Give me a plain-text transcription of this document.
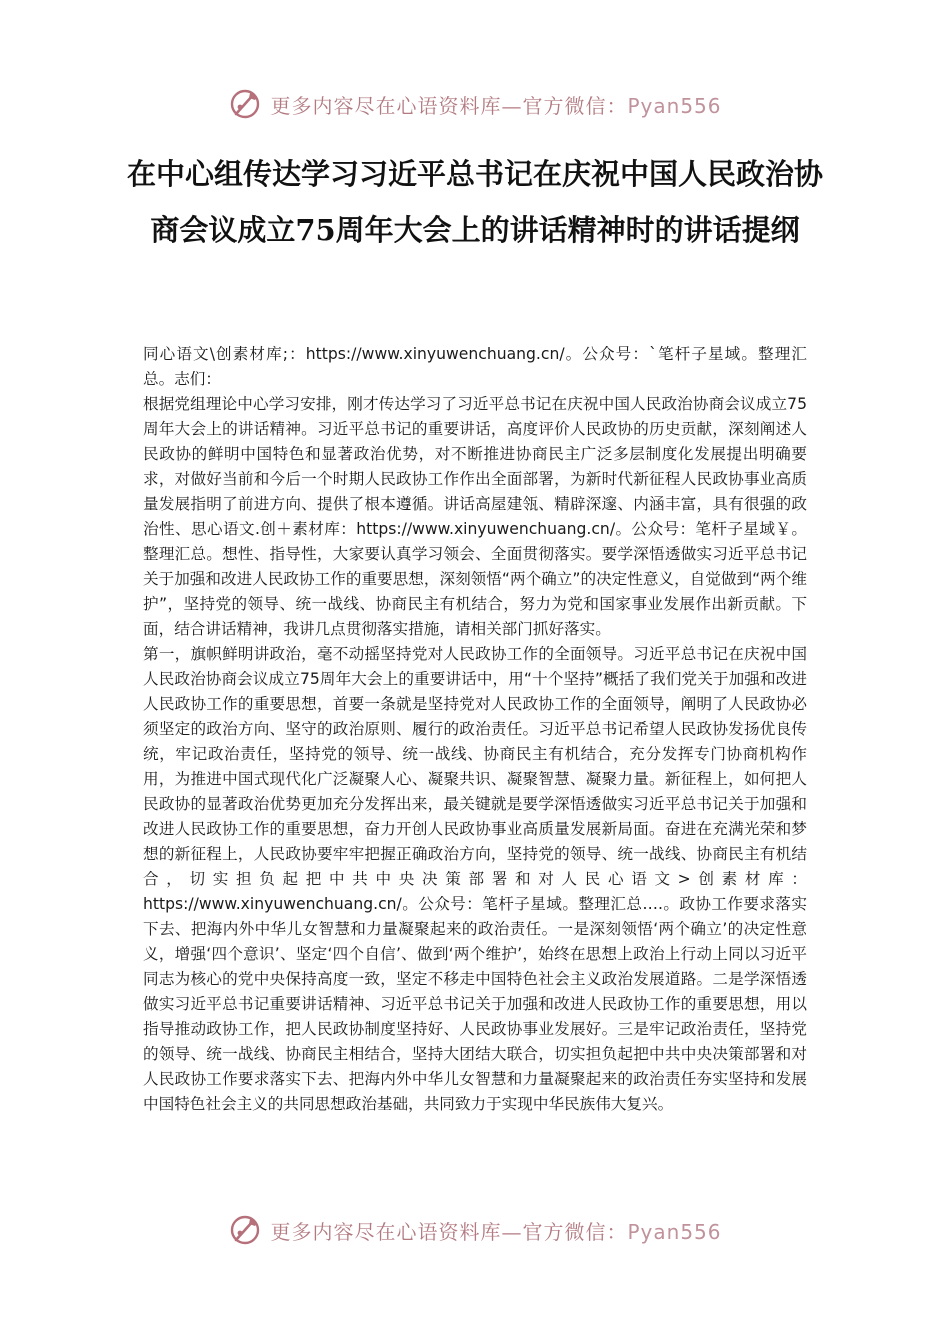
更多内容尽在心语资料库—官方微信：Pyan556
在中心组传达学习习近平总书记在庆祝中国人民政治协商会议成立75周年大会上的讲话精神时的讲话提纲

同心语文\创素材库;：https://www.xinyuwenchuang.cn/。公众号：`笔杆子星域。整理汇总。志们：

根据党组理论中心学习安排，刚才传达学习了习近平总书记在庆祝中国人民政治协商会议成立75周年大会上的讲话精神。习近平总书记的重要讲话，高度评价人民政协的历史贡献，深刻阐述人民政协的鲜明中国特色和显著政治优势，对不断推进协商民主广泛多层制度化发展提出明确要求，对做好当前和今后一个时期人民政协工作作出全面部署，为新时代新征程人民政协事业高质量发展指明了前进方向、提供了根本遵循。讲话高屋建瓴、精辟深邃、内涵丰富，具有很强的政治性、思心语文.创＋素材库：https://www.xinyuwenchuang.cn/。公众号：笔杆子星域￥。整理汇总。想性、指导性，大家要认真学习领会、全面贯彻落实。要学深悟透做实习近平总书记关于加强和改进人民政协工作的重要思想，深刻领悟“两个确立”的决定性意义，自觉做到“两个维护”，坚持党的领导、统一战线、协商民主有机结合，努力为党和国家事业发展作出新贡献。下面，结合讲话精神，我讲几点贯彻落实措施，请相关部门抓好落实。

第一，旗帜鲜明讲政治，毫不动摇坚持党对人民政协工作的全面领导。习近平总书记在庆祝中国人民政治协商会议成立75周年大会上的重要讲话中，用“十个坚持”概括了我们党关于加强和改进人民政协工作的重要思想，首要一条就是坚持党对人民政协工作的全面领导，阐明了人民政协必须坚定的政治方向、坚守的政治原则、履行的政治责任。习近平总书记希望人民政协发扬优良传统，牢记政治责任，坚持党的领导、统一战线、协商民主有机结合，充分发挥专门协商机构作用，为推进中国式现代化广泛凝聚人心、凝聚共识、凝聚智慧、凝聚力量。新征程上，如何把人民政协的显著政治优势更加充分发挥出来，最关键就是要学深悟透做实习近平总书记关于加强和改进人民政协工作的重要思想，奋力开创人民政协事业高质量发展新局面。奋进在充满光荣和梦想的新征程上，人民政协要牢牢把握正确政治方向，坚持党的领导、统一战线、协商民主有机结合，切实担负起把中共中央决策部署和对人民心语文>创素材库：https://www.xinyuwenchuang.cn/。公众号：笔杆子星域。整理汇总….。政协工作要求落实下去、把海内外中华儿女智慧和力量凝聚起来的政治责任。一是深刻领悟‘两个确立’的决定性意义，增强‘四个意识’、坚定‘四个自信’、做到‘两个维护’，始终在思想上政治上行动上同以习近平同志为核心的党中央保持高度一致，坚定不移走中国特色社会主义政治发展道路。二是学深悟透做实习近平总书记重要讲话精神、习近平总书记关于加强和改进人民政协工作的重要思想，用以指导推动政协工作，把人民政协制度坚持好、人民政协事业发展好。三是牢记政治责任，坚持党的领导、统一战线、协商民主相结合，坚持大团结大联合，切实担负起把中共中央决策部署和对人民政协工作要求落实下去、把海内外中华儿女智慧和力量凝聚起来的政治责任夯实坚持和发展中国特色社会主义的共同思想政治基础，共同致力于实现中华民族伟大复兴。

更多内容尽在心语资料库—官方微信：Pyan556
